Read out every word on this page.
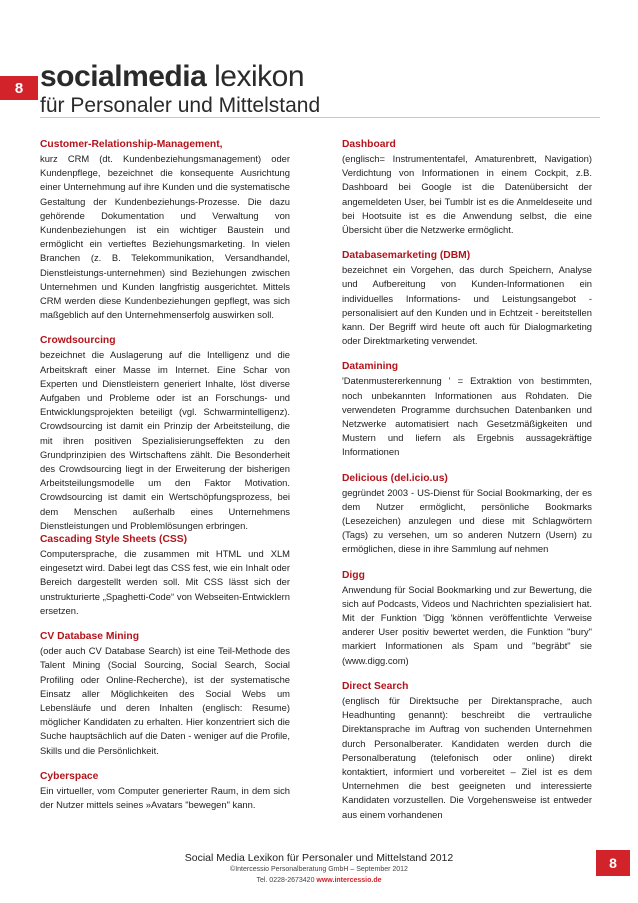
8 socialmedia lexikon
für Personaler und Mittelstand
Customer-Relationship-Management,
kurz CRM (dt. Kundenbeziehungsmanagement) oder Kundenpflege, bezeichnet die konsequente Ausrichtung einer Unternehmung auf ihre Kunden und die systematische Gestaltung der Kundenbeziehungs-Prozesse. Die dazu gehörende Dokumentation und Verwaltung von Kundenbeziehungen ist ein wichtiger Baustein und ermöglicht ein vertieftes Beziehungsmarketing. In vielen Branchen (z. B. Telekommunikation, Versandhandel, Dienstleistungs-unternehmen) sind Beziehungen zwischen Unternehmen und Kunden langfristig ausgerichtet. Mittels CRM werden diese Kundenbeziehungen gepflegt, was sich maßgeblich auf den Unternehmenserfolg auswirken soll.
Crowdsourcing
bezeichnet die Auslagerung auf die Intelligenz und die Arbeitskraft einer Masse im Internet. Eine Schar von Experten und Dienstleistern generiert Inhalte, löst diverse Aufgaben und Probleme oder ist an Forschungs- und Entwicklungsprojekten beteiligt (vgl. Schwarmintelligenz). Crowdsourcing ist damit ein Prinzip der Arbeitsteilung, die mit ihren positiven Spezialisierungseffekten zu den Grundprinzipien des Wirtschaftens zählt. Die Besonderheit des Crowdsourcing liegt in der Erweiterung der bisherigen Arbeitsteilungsmodelle um den Faktor Motivation. Crowdsourcing ist damit ein Wertschöpfungsprozess, bei dem Menschen außerhalb eines Unternehmens Dienstleistungen und Problemlösungen erbringen.
Cascading Style Sheets (CSS)
Computersprache, die zusammen mit HTML und XLM eingesetzt wird. Dabei legt das CSS fest, wie ein Inhalt oder Bereich dargestellt werden soll. Mit CSS lässt sich der unstrukturierte „Spaghetti-Code“ von Webseiten-Entwicklern ersetzen.
CV Database Mining
(oder auch CV Database Search) ist eine Teil-Methode des Talent Mining (Social Sourcing, Social Search, Social Profiling oder Online-Recherche), ist der systematische Einsatz aller Möglichkeiten des Social Webs um Lebensläufe und deren Inhalten (englisch: Resume) möglicher Kandidaten zu erhalten. Hier konzentriert sich die Suche hauptsächlich auf die Daten - weniger auf die Profile, Skills und die Persönlichkeit.
Cyberspace
Ein virtueller, vom Computer generierter Raum, in dem sich der Nutzer mittels seines »Avatars "bewegen" kann.
Dashboard
(englisch= Instrumententafel, Amaturenbrett, Navigation) Verdichtung von Informationen in einem Cockpit, z.B. Dashboard bei Google ist die Datenübersicht der angemeldeten User, bei Tumblr ist es die Anmeldeseite und bei Hootsuite ist es die Anwendung selbst, die eine Übersicht über die Netzwerke ermöglicht.
Databasemarketing (DBM)
bezeichnet ein Vorgehen, das durch Speichern, Analyse und Aufbereitung von Kunden-Informationen ein individuelles Informations- und Leistungsangebot - personalisiert auf den Kunden und in Echtzeit - bereitstellen kann. Der Begriff wird heute oft auch für Dialogmarketing oder Direktmarketing verwendet.
Datamining
'Datenmustererkennung ' = Extraktion von bestimmten, noch unbekannten Informationen aus Rohdaten. Die verwendeten Programme durchsuchen Datenbanken und Netzwerke automatisiert nach Gesetzmäßigkeiten und Mustern und liefern als Ergebnis aussagekräftige Informationen
Delicious (del.icio.us)
gegründet 2003 - US-Dienst für Social Bookmarking, der es dem Nutzer ermöglicht, persönliche Bookmarks (Lesezeichen) anzulegen und diese mit Schlagwörtern (Tags) zu versehen, um so anderen Nutzern (Usern) zu ermöglichen, diese in ihre Sammlung auf nehmen
Digg
Anwendung für Social Bookmarking und zur Bewertung, die sich auf Podcasts, Videos und Nachrichten spezialisiert hat. Mit der Funktion 'Digg 'können veröffentlichte Verweise anderer User positiv bewertet werden, die Funktion "bury" markiert Informationen als Spam und "begräbt" sie (www.digg.com)
Direct Search
(englisch für Direktsuche per Direktansprache, auch Headhunting genannt): beschreibt die vertrauliche Direktansprache im Auftrag von suchenden Unternehmen durch Personalberater. Kandidaten werden durch die Personalberatung (telefonisch oder online) direkt kontaktiert, informiert und vorbereitet – Ziel ist es dem Unternehmen die best geeigneten und interessierte Kandidaten vorzustellen. Die Vorgehensweise ist entweder aus einem vorhandenen
Social Media Lexikon für Personaler und Mittelstand 2012
©Intercessio Personalberatung GmbH – September 2012
Tel. 0228-2673420 www.intercessio.de
8
